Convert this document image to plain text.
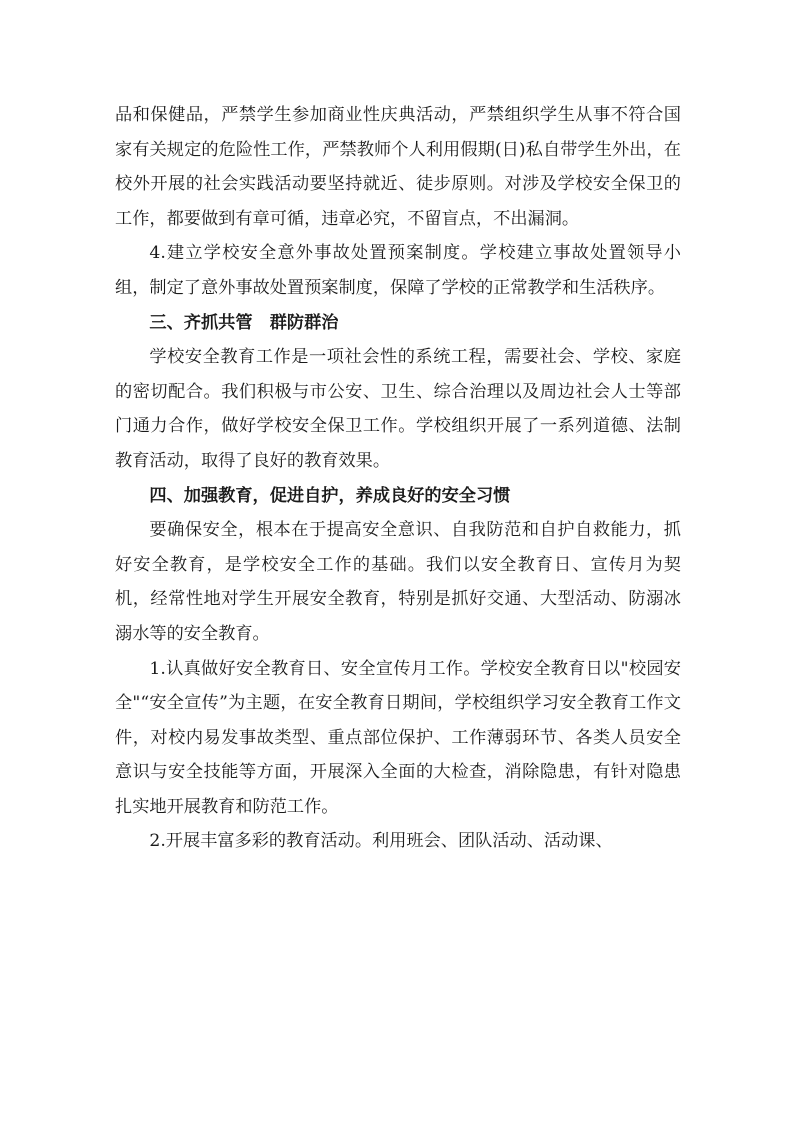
品和保健品，严禁学生参加商业性庆典活动，严禁组织学生从事不符合国家有关规定的危险性工作，严禁教师个人利用假期(日)私自带学生外出，在校外开展的社会实践活动要坚持就近、徒步原则。对涉及学校安全保卫的工作，都要做到有章可循，违章必究，不留盲点，不出漏洞。

4.建立学校安全意外事故处置预案制度。学校建立事故处置领导小组，制定了意外事故处置预案制度，保障了学校的正常教学和生活秩序。

三、齐抓共管　群防群治

学校安全教育工作是一项社会性的系统工程，需要社会、学校、家庭的密切配合。我们积极与市公安、卫生、综合治理以及周边社会人士等部门通力合作，做好学校安全保卫工作。学校组织开展了一系列道德、法制教育活动，取得了良好的教育效果。

四、加强教育，促进自护，养成良好的安全习惯

要确保安全，根本在于提高安全意识、自我防范和自护自救能力，抓好安全教育，是学校安全工作的基础。我们以安全教育日、宣传月为契机，经常性地对学生开展安全教育，特别是抓好交通、大型活动、防溺冰溺水等的安全教育。

1.认真做好安全教育日、安全宣传月工作。学校安全教育日以"校园安全"“安全宣传”为主题，在安全教育日期间，学校组织学习安全教育工作文件，对校内易发事故类型、重点部位保护、工作薄弱环节、各类人员安全意识与安全技能等方面，开展深入全面的大检查，消除隐患，有针对隐患扎实地开展教育和防范工作。

2.开展丰富多彩的教育活动。利用班会、团队活动、活动课、
